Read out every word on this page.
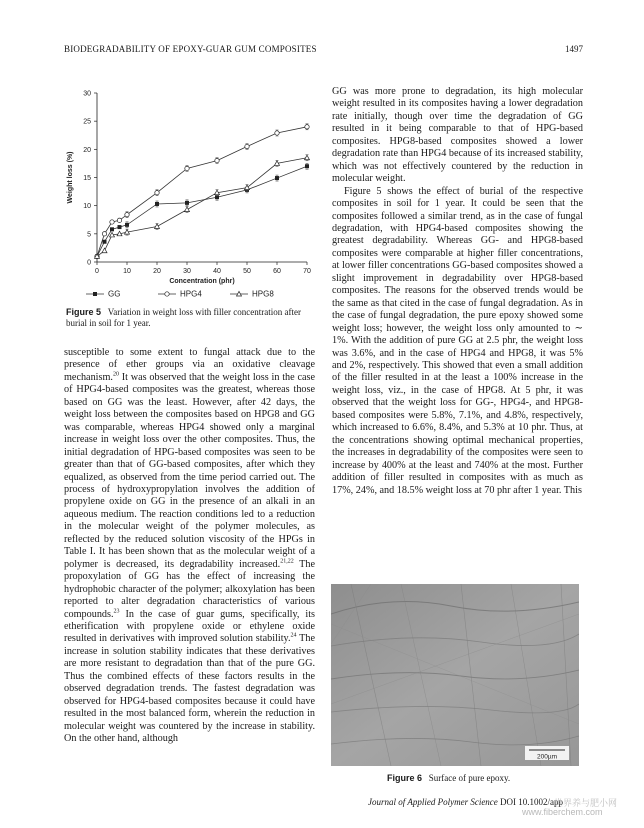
BIODEGRADABILITY OF EPOXY-GUAR GUM COMPOSITES	1497
0
5
10
15
20
25
30
0	10	20	30	40	50	60	70
Concentration (phr)
Weight loss (%)
GG	HPG4	HPG8
Figure 5 Variation in weight loss with filler concentration after burial in soil for 1 year.

susceptible to some extent to fungal attack due to the presence of ether groups via an oxidative cleavage mechanism.$^{20}$ It was observed that the weight loss in the case of HPG4-based composites was the greatest, whereas those based on GG was the least. However, after 42 days, the weight loss between the composites based on HPG8 and GG was comparable, whereas HPG4 showed only a marginal increase in weight loss over the other composites. Thus, the initial degradation of HPG-based composites was seen to be greater than that of GG-based composites, after which they equalized, as observed from the time period carried out. The process of hydroxypropylation involves the addition of propylene oxide on GG in the presence of an alkali in an aqueous medium. The reaction conditions led to a reduction in the molecular weight of the polymer molecules, as reflected by the reduced solution viscosity of the HPGs in Table I. It has been shown that as the molecular weight of a polymer is decreased, its degradability increased.$^{21,22}$ The propoxylation of GG has the effect of increasing the hydrophobic character of the polymer; alkoxylation has been reported to alter degradation characteristics of various compounds.$^{23}$ In the case of guar gums, specifically, its etherification with propylene oxide or ethylene oxide resulted in derivatives with improved solution stability.$^{24}$ The increase in solution stability indicates that these derivatives are more resistant to degradation than that of the pure GG. Thus the combined effects of these factors results in the observed degradation trends. The fastest degradation was observed for HPG4-based composites because it could have resulted in the most balanced form, wherein the reduction in molecular weight was countered by the increase in stability. On the other hand, although

GG was more prone to degradation, its high molecular weight resulted in its composites having a lower degradation rate initially, though over time the degradation of GG resulted in it being comparable to that of HPG-based composites. HPG8-based composites showed a lower degradation rate than HPG4 because of its increased stability, which was not effectively countered by the reduction in molecular weight.

Figure 5 shows the effect of burial of the respective composites in soil for 1 year. It could be seen that the composites followed a similar trend, as in the case of fungal degradation, with HPG4-based composites showing the greatest degradability. Whereas GG- and HPG8-based composites were comparable at higher filler concentrations, at lower filler concentrations GG-based composites showed a slight improvement in degradability over HPG8-based composites. The reasons for the observed trends would be the same as that cited in the case of fungal degradation. As in the case of fungal degradation, the pure epoxy showed some weight loss; however, the weight loss only amounted to ∼ 1%. With the addition of pure GG at 2.5 phr, the weight loss was 3.6%, and in the case of HPG4 and HPG8, it was 5% and 2%, respectively. This showed that even a small addition of the filler resulted in at the least a 100% increase in the weight loss, viz., in the case of HPG8. At 5 phr, it was observed that the weight loss for GG-, HPG4-, and HPG8-based composites were 5.8%, 7.1%, and 4.8%, respectively, which increased to 6.6%, 8.4%, and 5.3% at 10 phr. Thus, at the concentrations showing optimal mechanical properties, the increases in degradability of the composites were seen to increase by 400% at the least and 740% at the most. Further addition of filler resulted in composites with as much as 17%, 24%, and 18.5% weight loss at 70 phr after 1 year. This

200µm
Figure 6 Surface of pure epoxy.
Journal of Applied Polymer Science DOI 10.1002/app
世界养与肥小网
www.fiberchem.com
